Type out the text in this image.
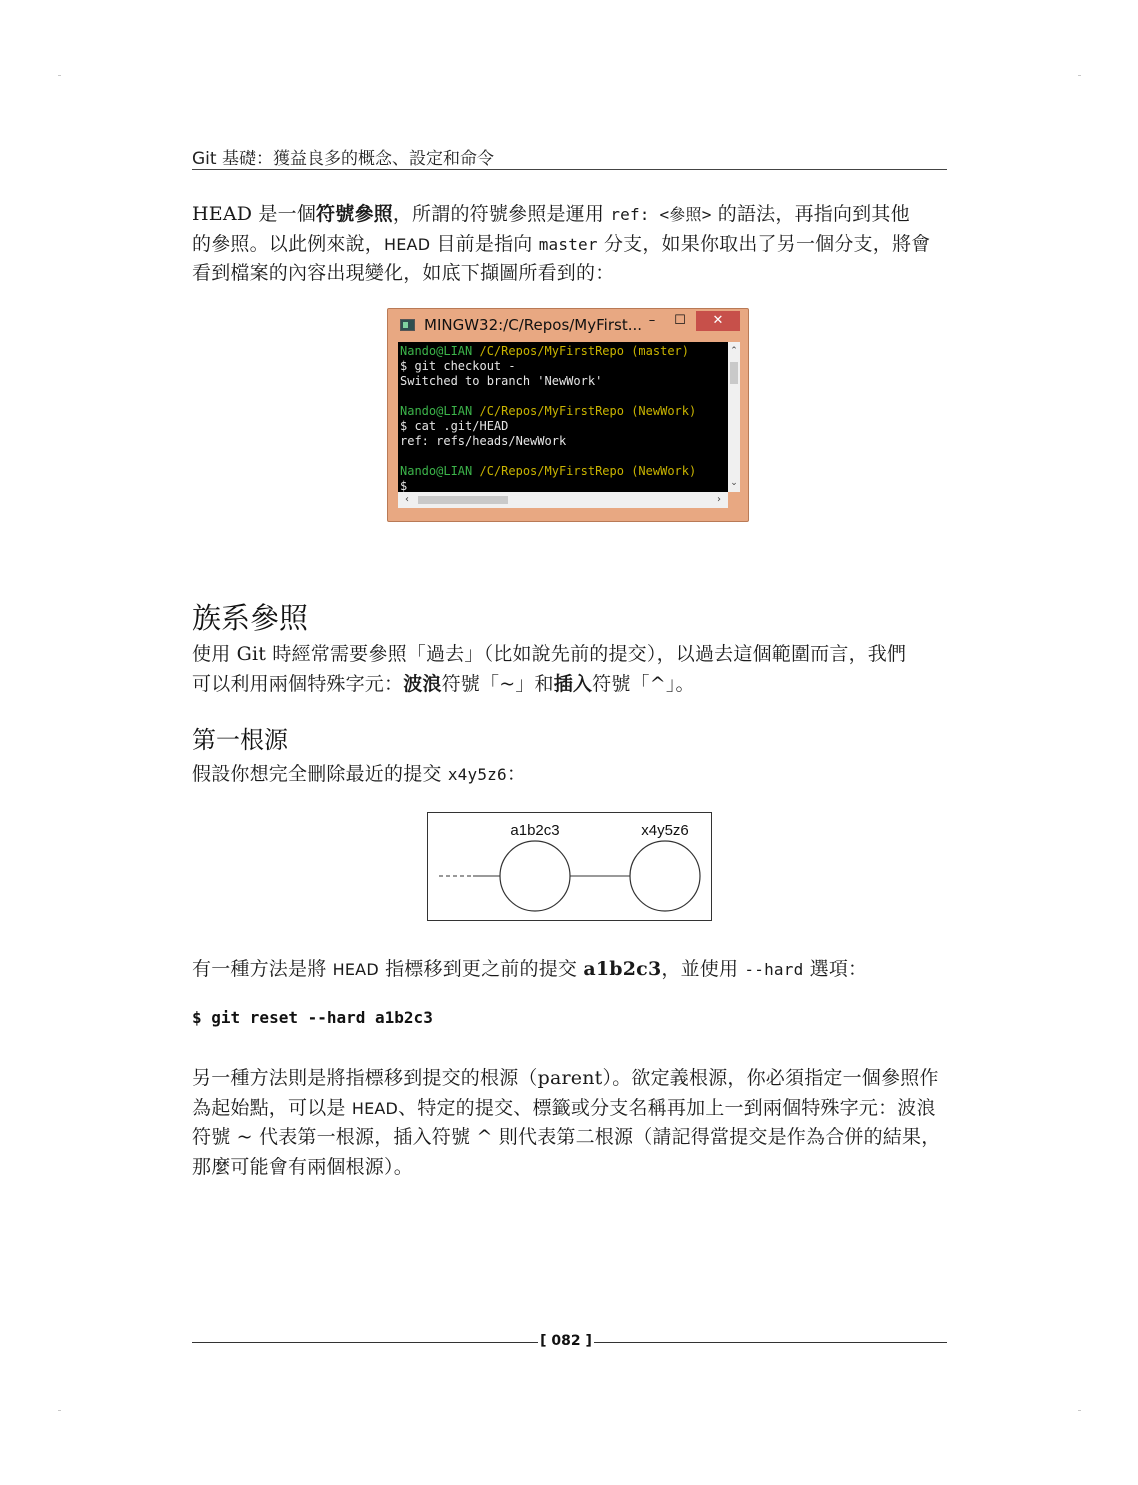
Git 基礎：獲益良多的概念、設定和命令

HEAD 是一個符號參照，所謂的符號參照是運用 ref: <參照> 的語法，再指向到其他
的參照。以此例來說，HEAD 目前是指向 master 分支，如果你取出了另一個分支，將會
看到檔案的內容出現變化，如底下擷圖所看到的：

MINGW32:/C/Repos/MyFirst... –	☐	✕
Nando@LIAN /C/Repos/MyFirstRepo (master)
$ git checkout -
Switched to branch 'NewWork'

Nando@LIAN /C/Repos/MyFirstRepo (NewWork)
$ cat .git/HEAD
ref: refs/heads/NewWork

Nando@LIAN /C/Repos/MyFirstRepo (NewWork)
$
⌃
⌄
‹	›
族系參照

使用 Git 時經常需要參照「過去」（比如說先前的提交），以過去這個範圍而言，我們
可以利用兩個特殊字元：波浪符號「~」和插入符號「^」。

第一根源

假設你想完全刪除最近的提交 x4y5z6：

a1b2c3	x4y5z6

有一種方法是將 HEAD 指標移到更之前的提交 a1b2c3，並使用 --hard 選項：

$ git reset --hard a1b2c3

另一種方法則是將指標移到提交的根源（parent）。欲定義根源，你必須指定一個參照作
為起始點，可以是 HEAD、特定的提交、標籤或分支名稱再加上一到兩個特殊字元：波浪
符號 ~ 代表第一根源，插入符號 ^ 則代表第二根源（請記得當提交是作為合併的結果，
那麼可能會有兩個根源）。

[ 082 ]
